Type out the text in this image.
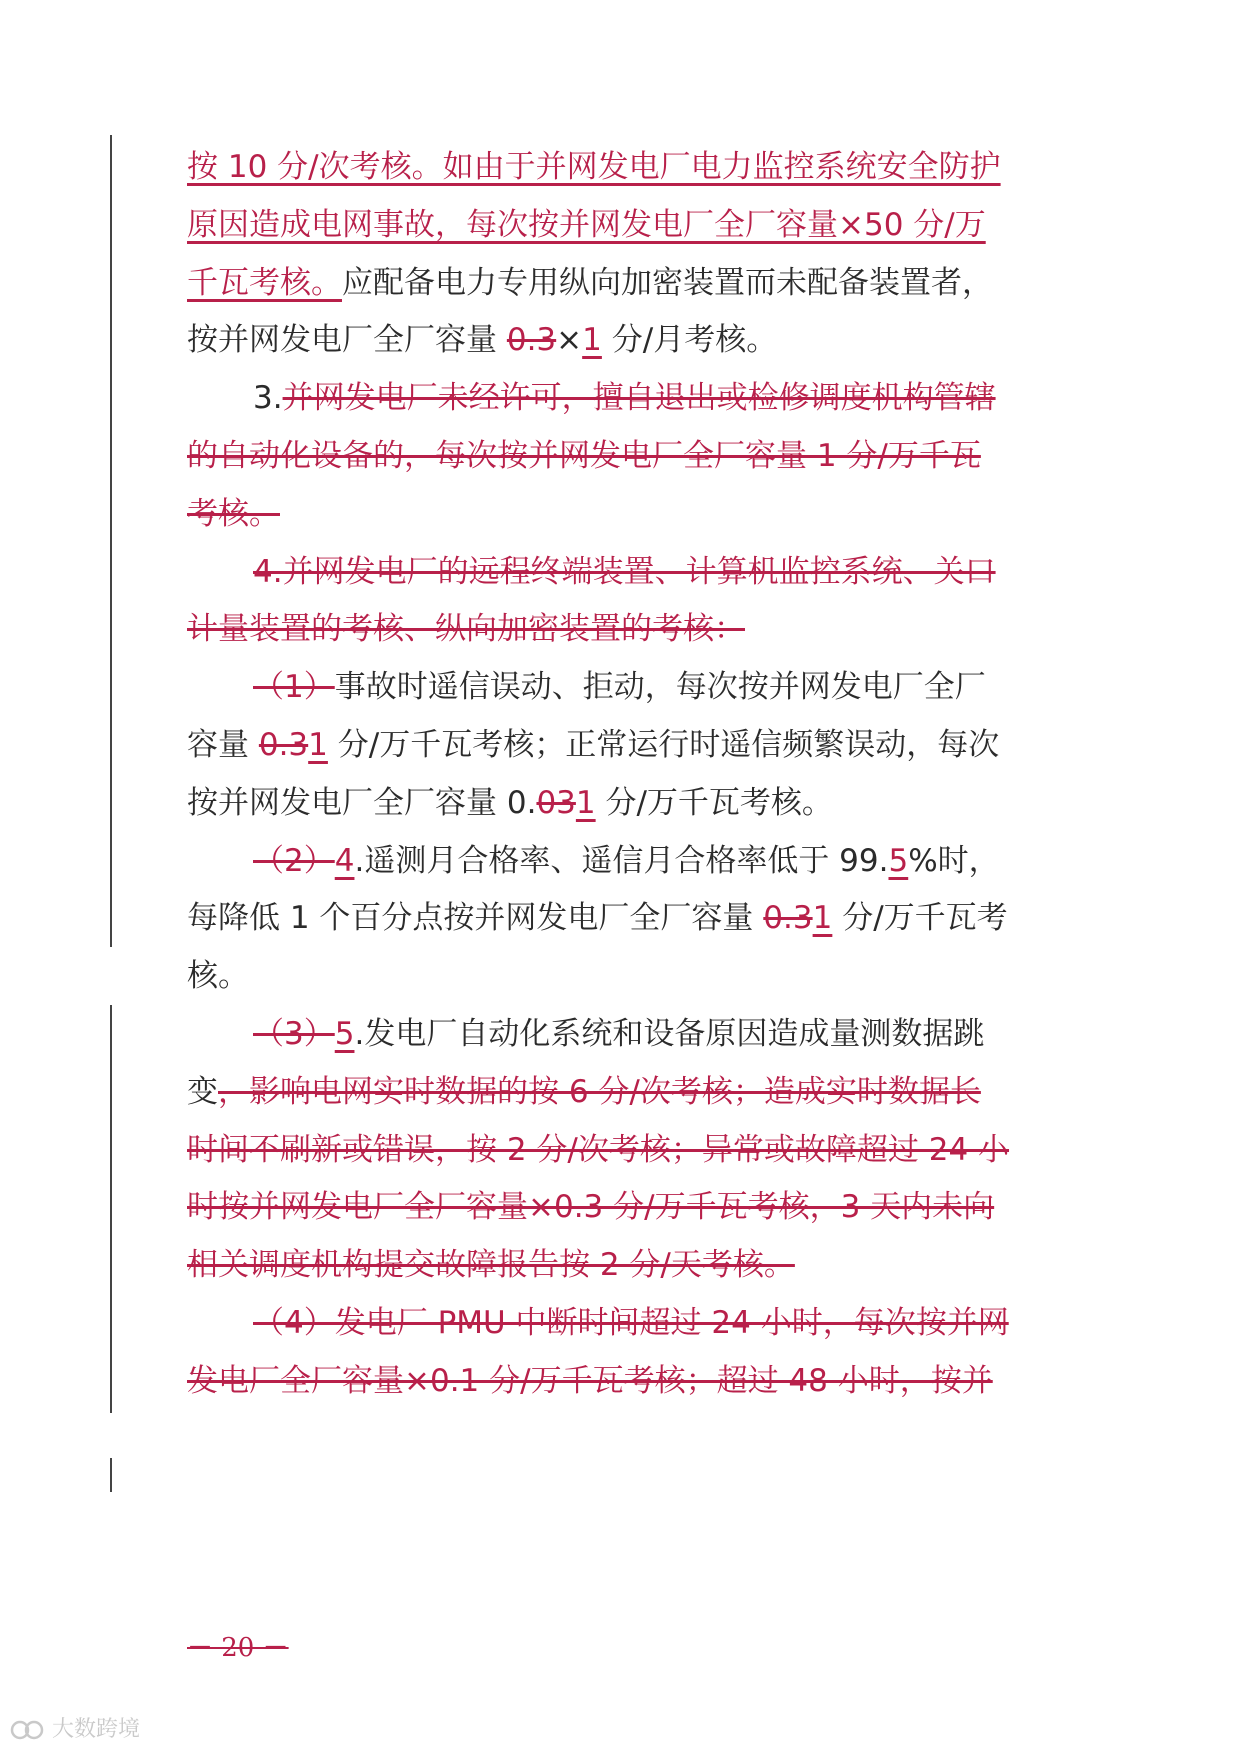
按 10 分/次考核。如由于并网发电厂电力监控系统安全防护
原因造成电网事故，每次按并网发电厂全厂容量×50 分/万
千瓦考核。应配备电力专用纵向加密装置而未配备装置者，
按并网发电厂全厂容量 0.3×1 分/月考核。
3.并网发电厂未经许可，擅自退出或检修调度机构管辖
的自动化设备的，每次按并网发电厂全厂容量 1 分/万千瓦
考核。
4.并网发电厂的远程终端装置、计算机监控系统、关口
计量装置的考核、纵向加密装置的考核：
（1）事故时遥信误动、拒动，每次按并网发电厂全厂
容量 0.31 分/万千瓦考核；正常运行时遥信频繁误动，每次
按并网发电厂全厂容量 0.031 分/万千瓦考核。
（2）4.遥测月合格率、遥信月合格率低于 99.5%时，
每降低 1 个百分点按并网发电厂全厂容量 0.31 分/万千瓦考
核。
（3）5.发电厂自动化系统和设备原因造成量测数据跳
变，影响电网实时数据的按 6 分/次考核；造成实时数据长
时间不刷新或错误，按 2 分/次考核；异常或故障超过 24 小
时按并网发电厂全厂容量×0.3 分/万千瓦考核，3 天内未向
相关调度机构提交故障报告按 2 分/天考核。
（4）发电厂 PMU 中断时间超过 24 小时，每次按并网
发电厂全厂容量×0.1 分/万千瓦考核；超过 48 小时，按并
－ 20 －
大数跨境
